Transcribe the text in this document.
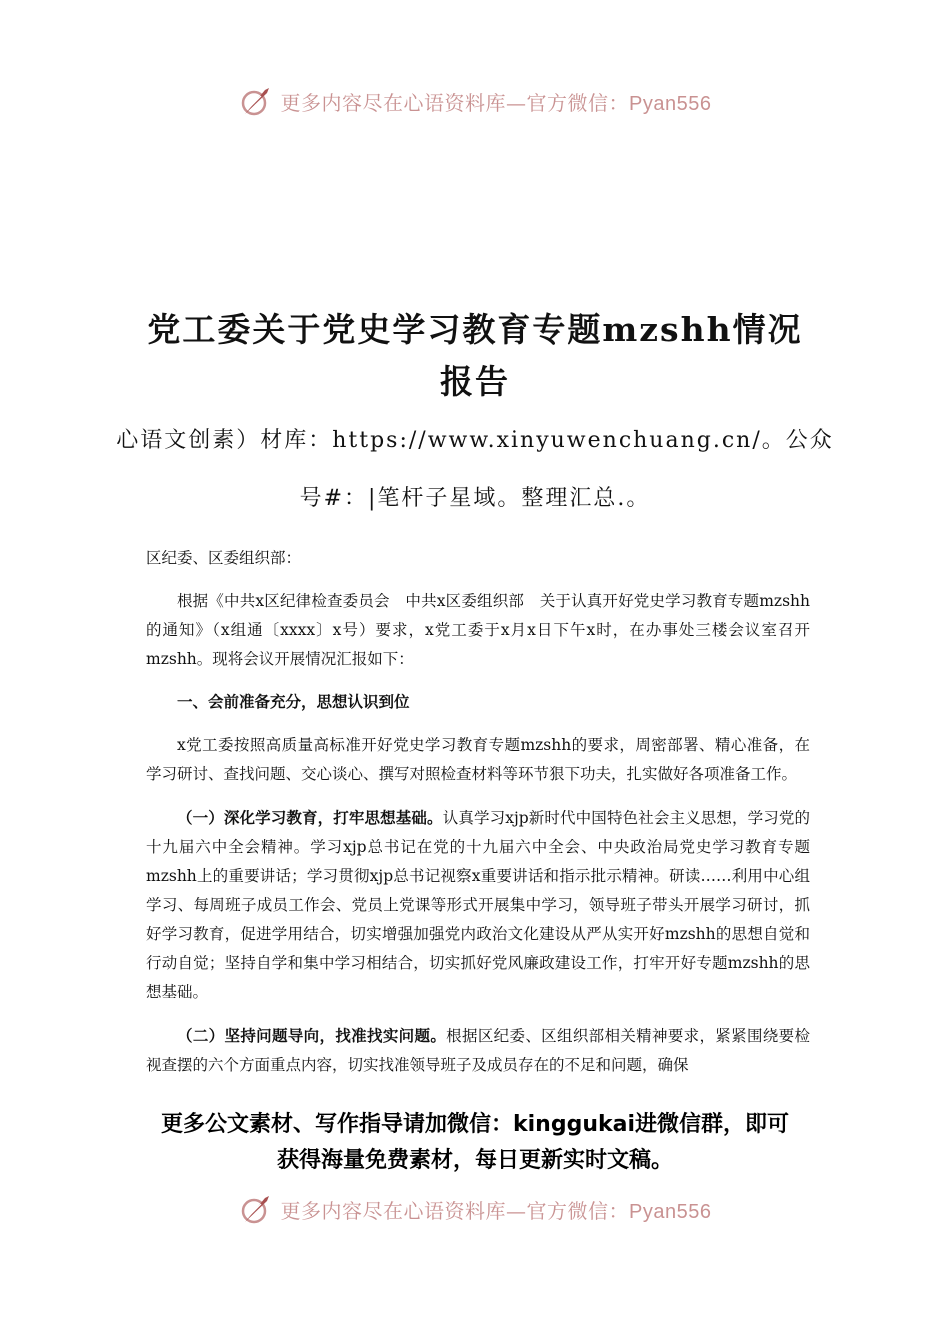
更多内容尽在心语资料库—官方微信：Pyan556
党工委关于党史学习教育专题mzshh情况
报告
心语文创素）材库：https://www.xinyuwenchuang.cn/。公众
号#：|笔杆子星域。整理汇总.。

区纪委、区委组织部：

根据《中共x区纪律检查委员会　中共x区委组织部　关于认真开好党史学习教育专题mzshh的通知》（x组通〔xxxx〕x号）要求，x党工委于x月x日下午x时，在办事处三楼会议室召开mzshh。现将会议开展情况汇报如下：

一、会前准备充分，思想认识到位

x党工委按照高质量高标准开好党史学习教育专题mzshh的要求，周密部署、精心准备，在学习研讨、查找问题、交心谈心、撰写对照检查材料等环节狠下功夫，扎实做好各项准备工作。

（一）深化学习教育，打牢思想基础。认真学习xjp新时代中国特色社会主义思想，学习党的十九届六中全会精神。学习xjp总书记在党的十九届六中全会、中央政治局党史学习教育专题mzshh上的重要讲话；学习贯彻xjp总书记视察x重要讲话和指示批示精神。研读……利用中心组学习、每周班子成员工作会、党员上党课等形式开展集中学习，领导班子带头开展学习研讨，抓好学习教育，促进学用结合，切实增强加强党内政治文化建设从严从实开好mzshh的思想自觉和行动自觉；坚持自学和集中学习相结合，切实抓好党风廉政建设工作，打牢开好专题mzshh的思想基础。

（二）坚持问题导向，找准找实问题。根据区纪委、区组织部相关精神要求，紧紧围绕要检视查摆的六个方面重点内容，切实找准领导班子及成员存在的不足和问题，确保

更多公文素材、写作指导请加微信：kinggukai进微信群，即可
获得海量免费素材，每日更新实时文稿。
更多内容尽在心语资料库—官方微信：Pyan556
